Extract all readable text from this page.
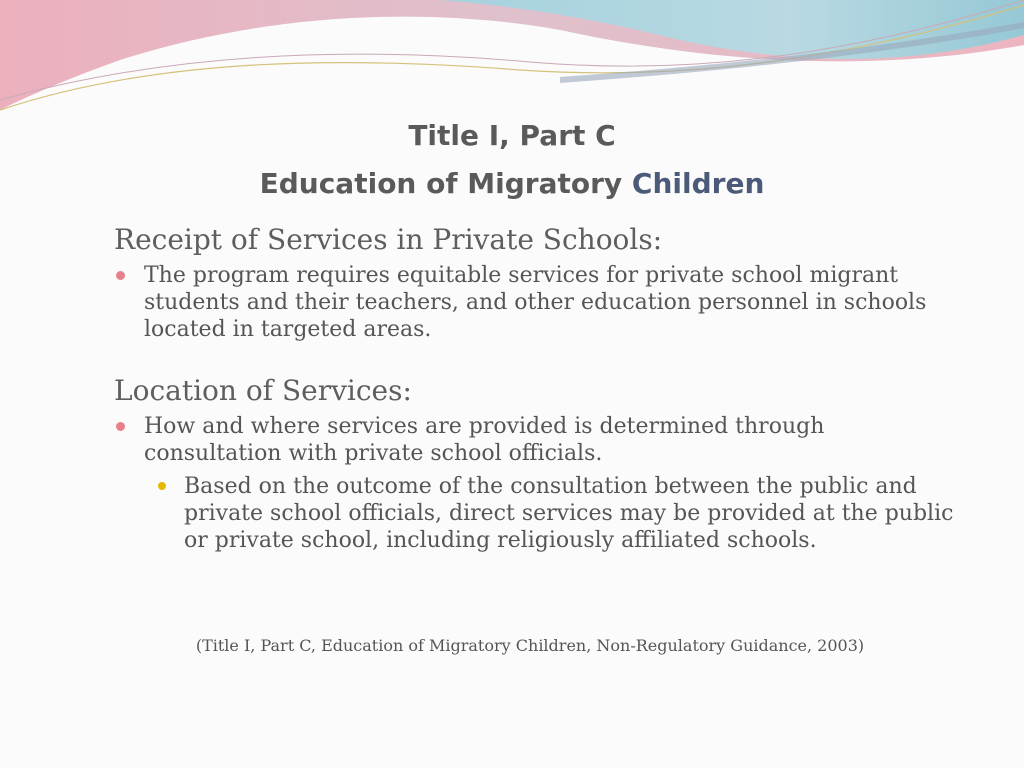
Title I, Part C
Education of Migratory Children

Receipt of Services in Private Schools:

The program requires equitable services for private school migrant students and their teachers, and other education personnel in schools located in targeted areas.

Location of Services:

How and where services are provided is determined through consultation with private school officials.
Based on the outcome of the consultation between the public and private school officials, direct services may be provided at the public or private school, including religiously affiliated schools.
(Title I, Part C, Education of Migratory Children, Non-Regulatory Guidance, 2003)
